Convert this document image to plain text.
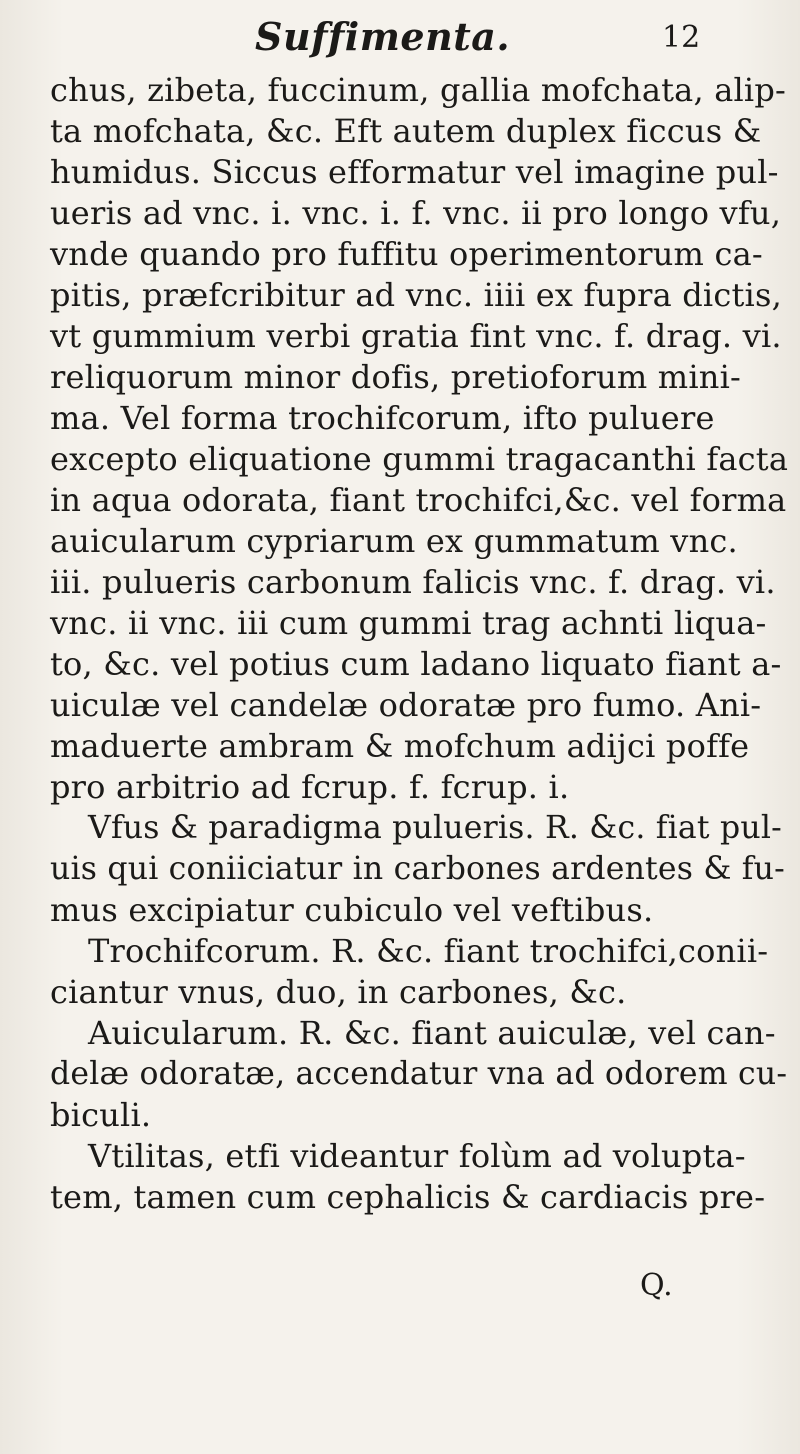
Suffimenta.	12
chus, zibeta, fuccinum, gallia mofchata, alip-
ta mofchata, &c. Eft autem duplex ficcus &
humidus. Siccus efformatur vel imagine pul-
ueris ad vnc. i. vnc. i. f. vnc. ii pro longo vfu,
vnde quando pro fuffitu operimentorum ca-
pitis, præfcribitur ad vnc. iiii ex fupra dictis,
vt gummium verbi gratia fint vnc. f. drag. vi.
reliquorum minor dofis, pretioforum mini-
ma. Vel forma trochifcorum, ifto puluere
excepto eliquatione gummi tragacanthi facta
in aqua odorata, fiant trochifci,&c. vel forma
auicularum cypriarum ex gummatum vnc.
iii. pulueris carbonum falicis vnc. f. drag. vi.
vnc. ii vnc. iii cum gummi trag achnti liqua-
to, &c. vel potius cum ladano liquato fiant a-
uiculæ vel candelæ odoratæ pro fumo. Ani-
maduerte ambram & mofchum adijci poffe
pro arbitrio ad fcrup. f. fcrup. i.
Vfus & paradigma pulueris. R. &c. fiat pul-
uis qui coniiciatur in carbones ardentes & fu-
mus excipiatur cubiculo vel veftibus.
Trochifcorum. R. &c. fiant trochifci,conii-
ciantur vnus, duo, in carbones, &c.
Auicularum. R. &c. fiant auiculæ, vel can-
delæ odoratæ, accendatur vna ad odorem cu-
biculi.
Vtilitas, etfi videantur folùm ad volupta-
tem, tamen cum cephalicis & cardiacis pre-
Q.
